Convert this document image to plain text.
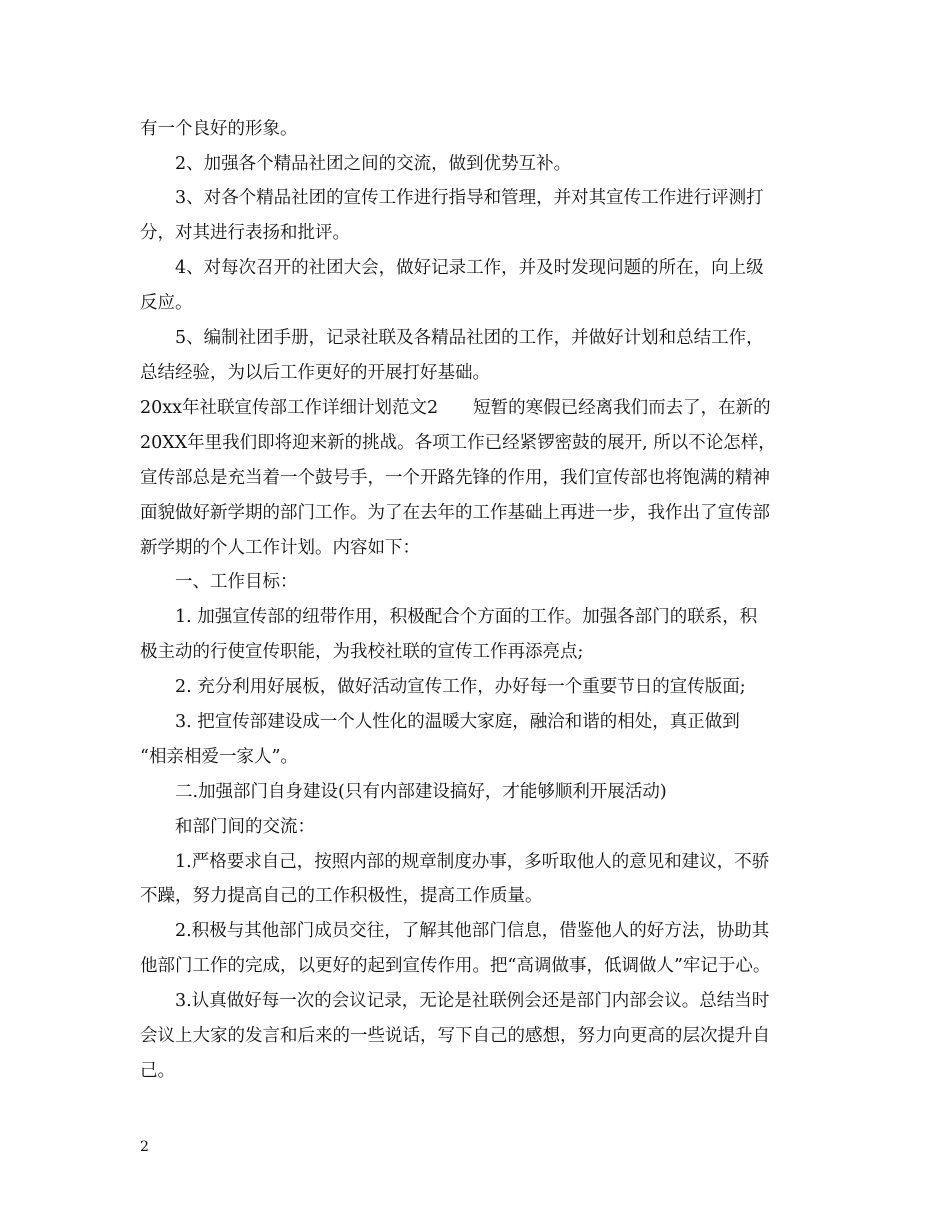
有一个良好的形象。
　　2、加强各个精品社团之间的交流，做到优势互补。
　　3、对各个精品社团的宣传工作进行指导和管理，并对其宣传工作进行评测打
分，对其进行表扬和批评。
　　4、对每次召开的社团大会，做好记录工作，并及时发现问题的所在，向上级
反应。
　　5、编制社团手册，记录社联及各精品社团的工作，并做好计划和总结工作，
总结经验，为以后工作更好的开展打好基础。
20xx年社联宣传部工作详细计划范文2　　短暂的寒假已经离我们而去了，在新的
20XX年里我们即将迎来新的挑战。各项工作已经紧锣密鼓的展开, 所以不论怎样，
宣传部总是充当着一个鼓号手，一个开路先锋的作用，我们宣传部也将饱满的精神
面貌做好新学期的部门工作。为了在去年的工作基础上再进一步，我作出了宣传部
新学期的个人工作计划。内容如下：
　　一、工作目标：
　　1. 加强宣传部的纽带作用，积极配合个方面的工作。加强各部门的联系，积
极主动的行使宣传职能，为我校社联的宣传工作再添亮点;
　　2. 充分利用好展板，做好活动宣传工作，办好每一个重要节日的宣传版面;
　　3. 把宣传部建设成一个人性化的温暖大家庭，融洽和谐的相处，真正做到
“相亲相爱一家人”。
　　二.加强部门自身建设(只有内部建设搞好，才能够顺利开展活动)
　　和部门间的交流：
　　1.严格要求自己，按照内部的规章制度办事，多听取他人的意见和建议，不骄
不躁，努力提高自己的工作积极性，提高工作质量。
　　2.积极与其他部门成员交往，了解其他部门信息，借鉴他人的好方法，协助其
他部门工作的完成，以更好的起到宣传作用。把“高调做事，低调做人”牢记于心。
　　3.认真做好每一次的会议记录，无论是社联例会还是部门内部会议。总结当时
会议上大家的发言和后来的一些说话，写下自己的感想，努力向更高的层次提升自
己。
2
